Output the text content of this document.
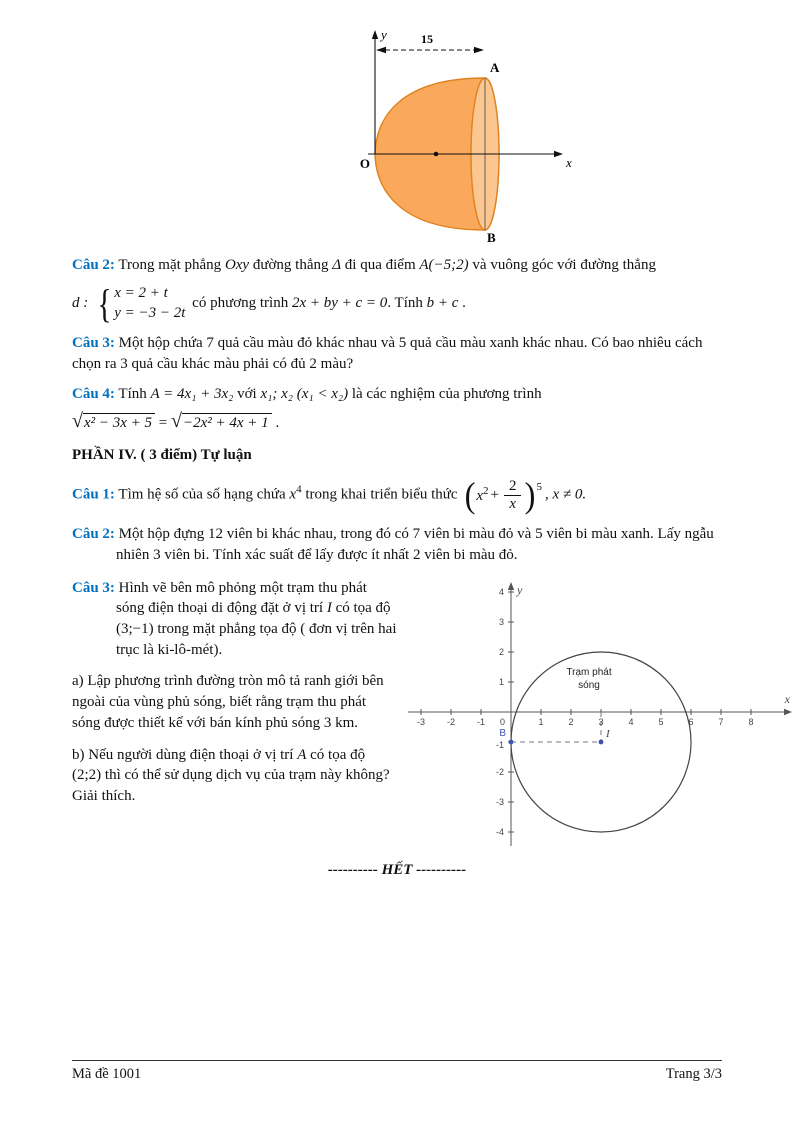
15
y
x
O
A
B

Câu 2: Trong mặt phẳng Oxy đường thẳng Δ đi qua điểm A(−5;2) và vuông góc với đường thẳng

d : { x = 2 + t
y = −3 − 2t
có phương trình 2x + by + c = 0. Tính b + c .

Câu 3: Một hộp chứa 7 quả cầu màu đỏ khác nhau và 5 quả cầu màu xanh khác nhau. Có bao nhiêu cách chọn ra 3 quả cầu khác màu phải có đủ 2 màu?

Câu 4: Tính A = 4x₁ + 3x₂ với x₁; x₂ (x₁ < x₂) là các nghiệm của phương trình

√x² − 3x + 5 = √−2x² + 4x + 1 .
PHẦN IV. ( 3 điểm) Tự luận

Câu 1: Tìm hệ số của số hạng chứa $x^4$ trong khai triển biểu thức ( $x^2 + \frac{2}{x}$ ) 5 , x ≠ 0.

Câu 2: Một hộp đựng 12 viên bi khác nhau, trong đó có 7 viên bi màu đỏ và 5 viên bi màu xanh. Lấy ngẫu nhiên 3 viên bi. Tính xác suất để lấy được ít nhất 2 viên bi màu đỏ.

Câu 3: Hình vẽ bên mô phỏng một trạm thu phát sóng điện thoại di động đặt ở vị trí I có tọa độ (3;−1) trong mặt phẳng tọa độ ( đơn vị trên hai trục là ki-lô-mét).

a) Lập phương trình đường tròn mô tả ranh giới bên ngoài của vùng phủ sóng, biết rằng trạm thu phát sóng được thiết kế với bán kính phủ sóng 3 km.

b) Nếu người dùng điện thoại ở vị trí A có tọa độ (2;2) thì có thể sử dụng dịch vụ của trạm này không? Giải thích.

-3 -2 -1 0	1	2	3	4	5	6	7	8
4
3
2
1
-1
-2
-3
-4
x
y
Trạm phát
sóng
B	I
---------- HẾT ----------
Mã đề 1001	Trang 3/3
